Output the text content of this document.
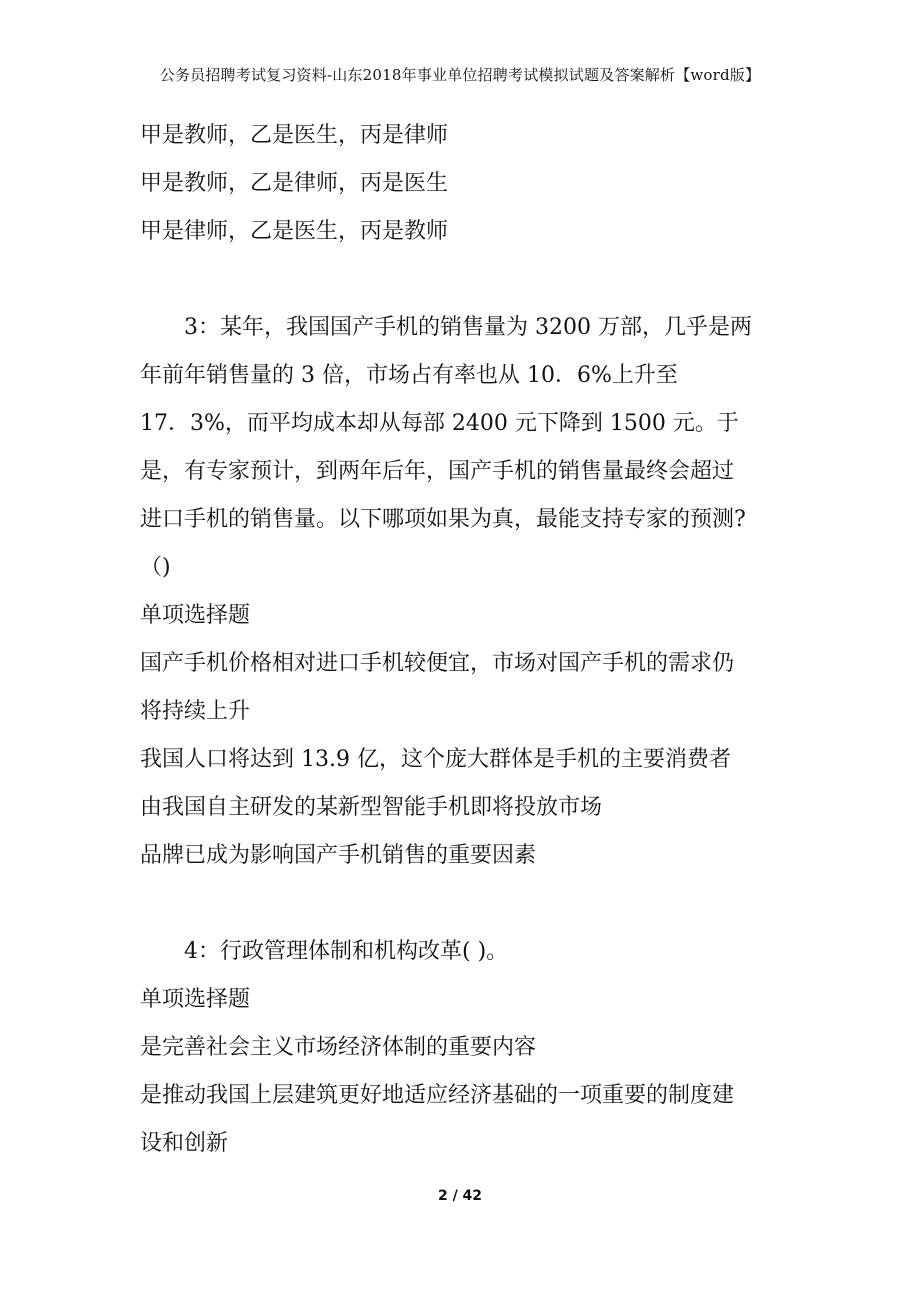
公务员招聘考试复习资料-山东2018年事业单位招聘考试模拟试题及答案解析【word版】
甲是教师，乙是医生，丙是律师
甲是教师，乙是律师，丙是医生
甲是律师，乙是医生，丙是教师
3：某年，我国国产手机的销售量为 3200 万部，几乎是两
年前年销售量的 3 倍，市场占有率也从 10．6%上升至
17．3%，而平均成本却从每部 2400 元下降到 1500 元。于
是，有专家预计，到两年后年，国产手机的销售量最终会超过
进口手机的销售量。以下哪项如果为真，最能支持专家的预测?
（)
单项选择题
国产手机价格相对进口手机较便宜，市场对国产手机的需求仍
将持续上升
我国人口将达到 13.9 亿，这个庞大群体是手机的主要消费者
由我国自主研发的某新型智能手机即将投放市场
品牌已成为影响国产手机销售的重要因素
4：行政管理体制和机构改革( )。
单项选择题
是完善社会主义市场经济体制的重要内容
是推动我国上层建筑更好地适应经济基础的一项重要的制度建
设和创新
2 / 42
